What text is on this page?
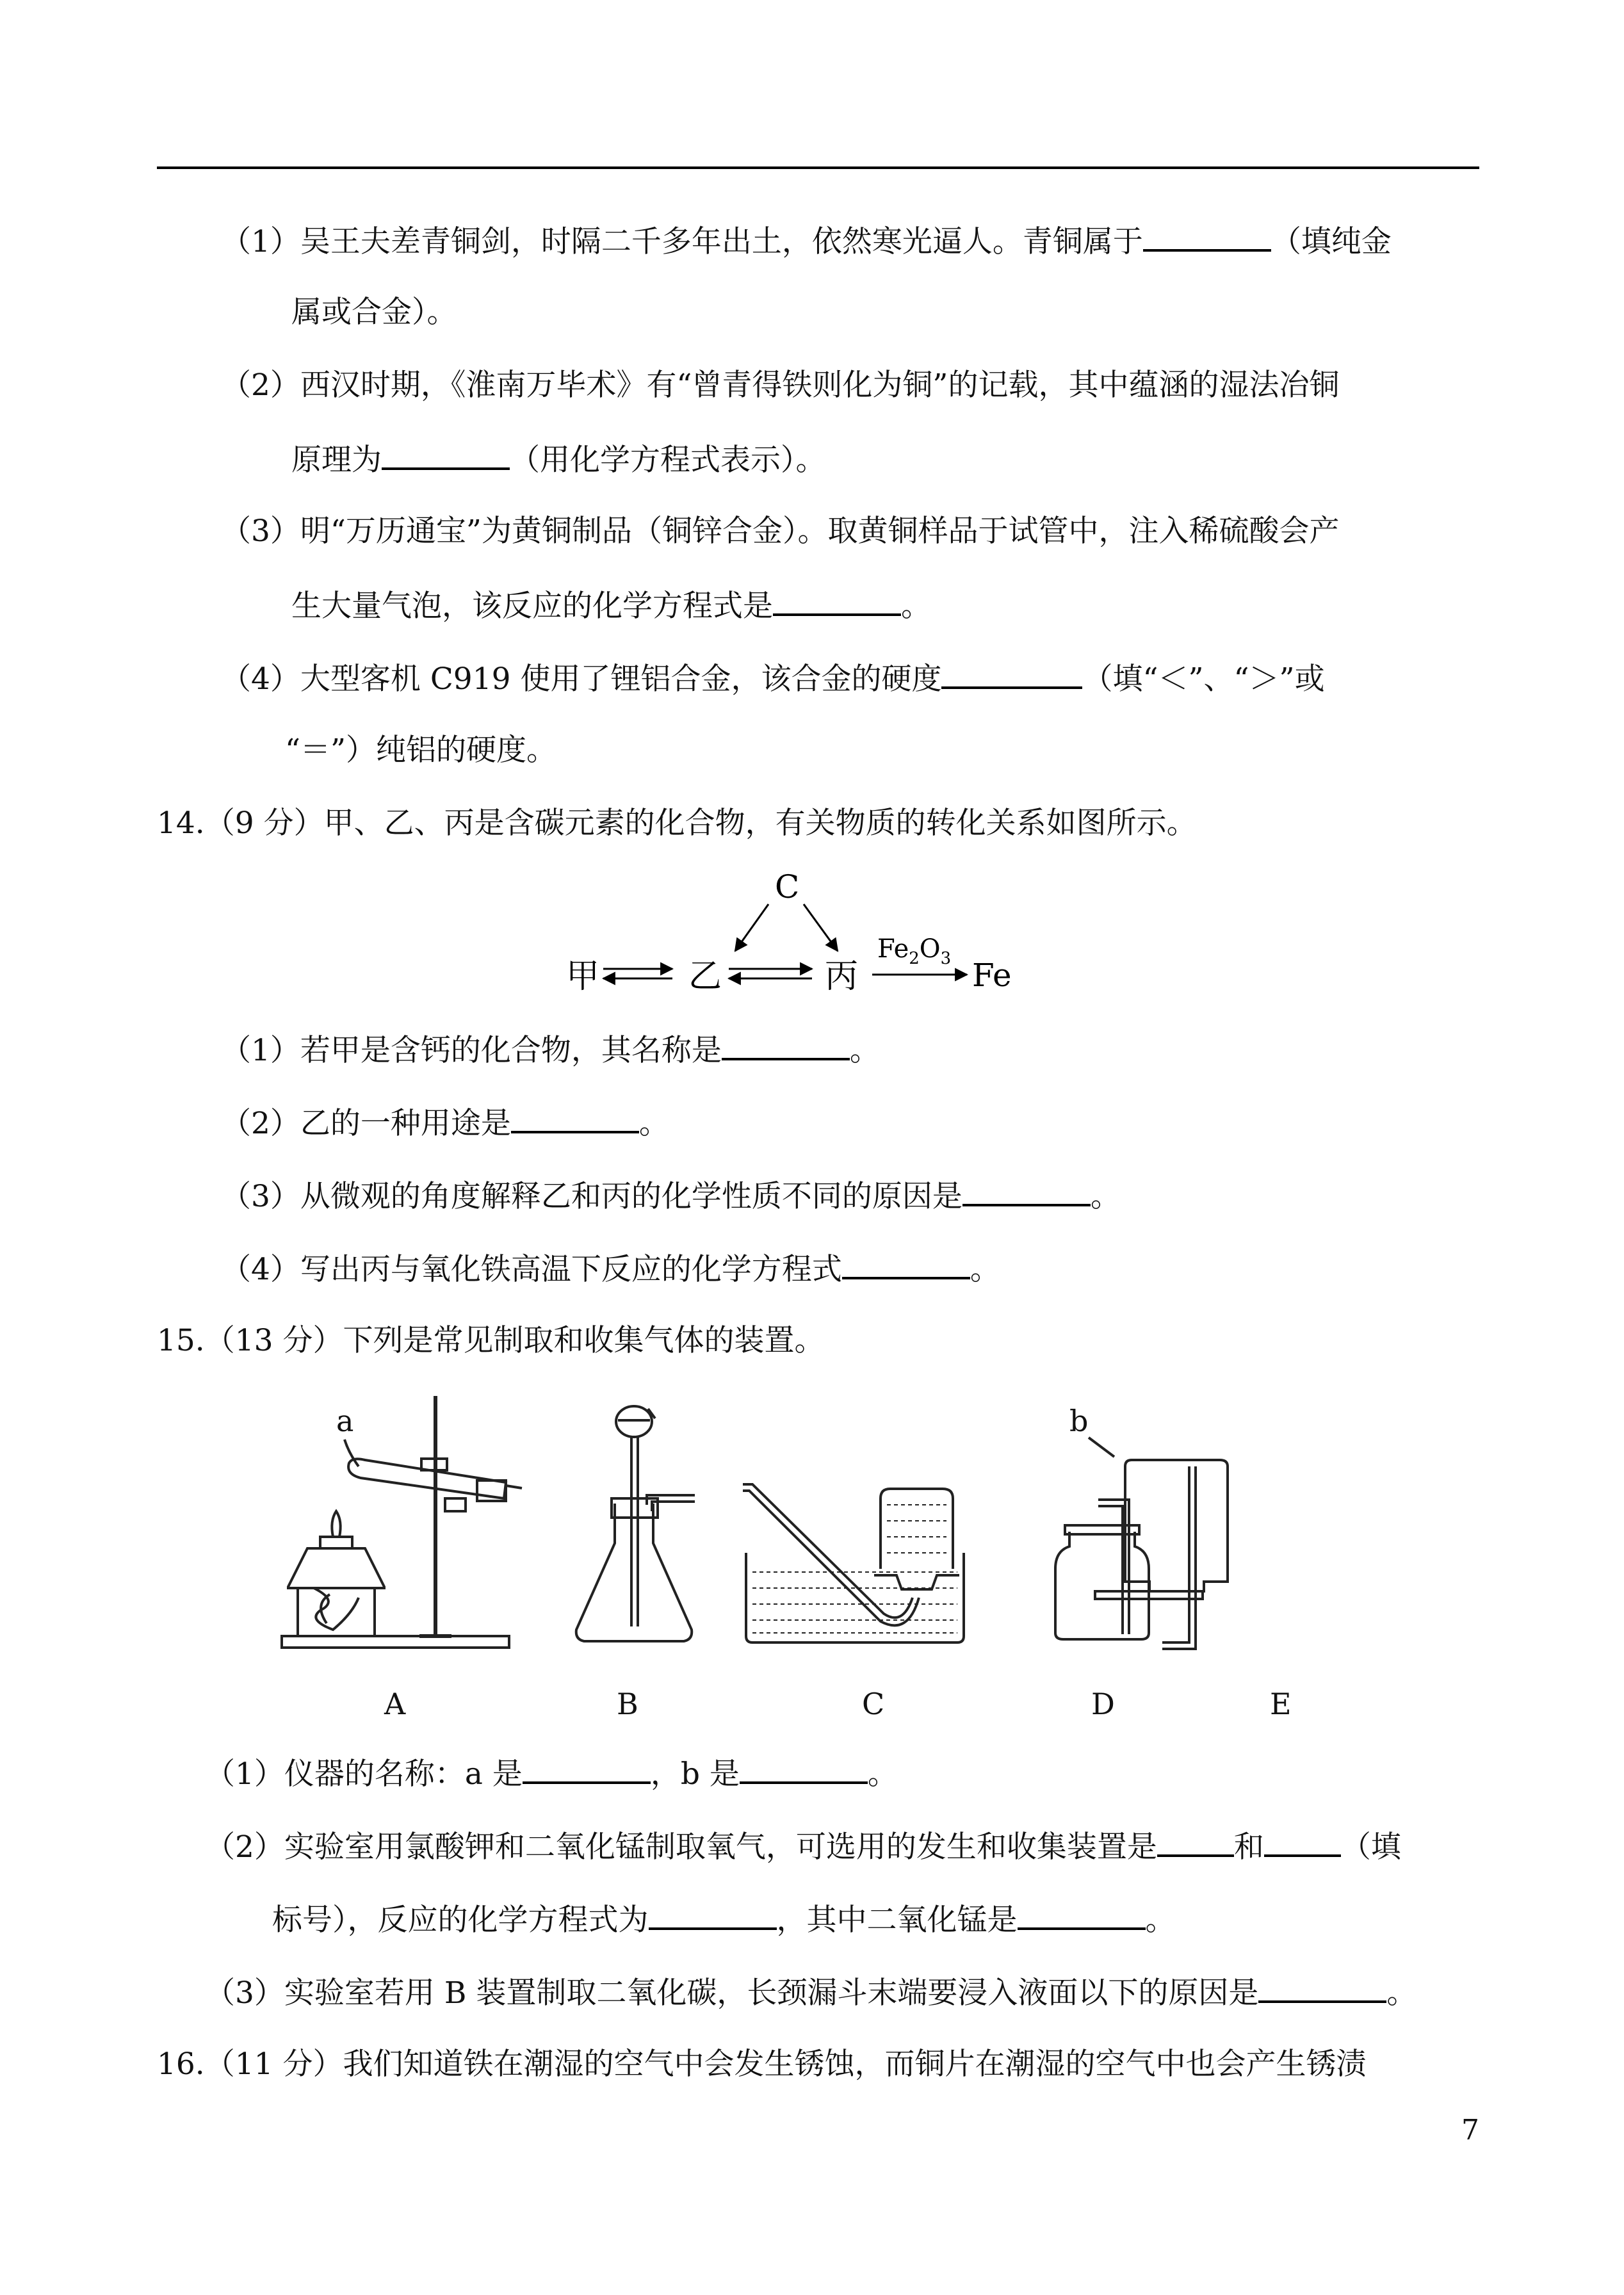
（1）吴王夫差青铜剑，时隔二千多年出土，依然寒光逼人。青铜属于	（填纯金
属或合金）。
（2）西汉时期，《淮南万毕术》有“曾青得铁则化为铜”的记载，其中蕴涵的湿法冶铜
原理为	（用化学方程式表示）。
（3）明“万历通宝”为黄铜制品（铜锌合金）。取黄铜样品于试管中，注入稀硫酸会产
生大量气泡，该反应的化学方程式是	。
（4）大型客机 C919 使用了锂铝合金，该合金的硬度	（填“＜”、“＞”或
“＝”）纯铝的硬度。
14.（9 分）甲、乙、丙是含碳元素的化合物，有关物质的转化关系如图所示。
C
甲	乙	丙
$Fe_2O_3$ Fe
（1）若甲是含钙的化合物，其名称是	。
（2）乙的一种用途是	。
（3）从微观的角度解释乙和丙的化学性质不同的原因是	。
（4）写出丙与氧化铁高温下反应的化学方程式	。
15.（13 分）下列是常见制取和收集气体的装置。
a	b
A	B	C	D	E
（1）仪器的名称：a 是	，b 是	。
（2）实验室用氯酸钾和二氧化锰制取氧气，可选用的发生和收集装置是	和	（填
标号），反应的化学方程式为	，其中二氧化锰是	。
（3）实验室若用 B 装置制取二氧化碳，长颈漏斗末端要浸入液面以下的原因是	。
16.（11 分）我们知道铁在潮湿的空气中会发生锈蚀，而铜片在潮湿的空气中也会产生锈渍
7
